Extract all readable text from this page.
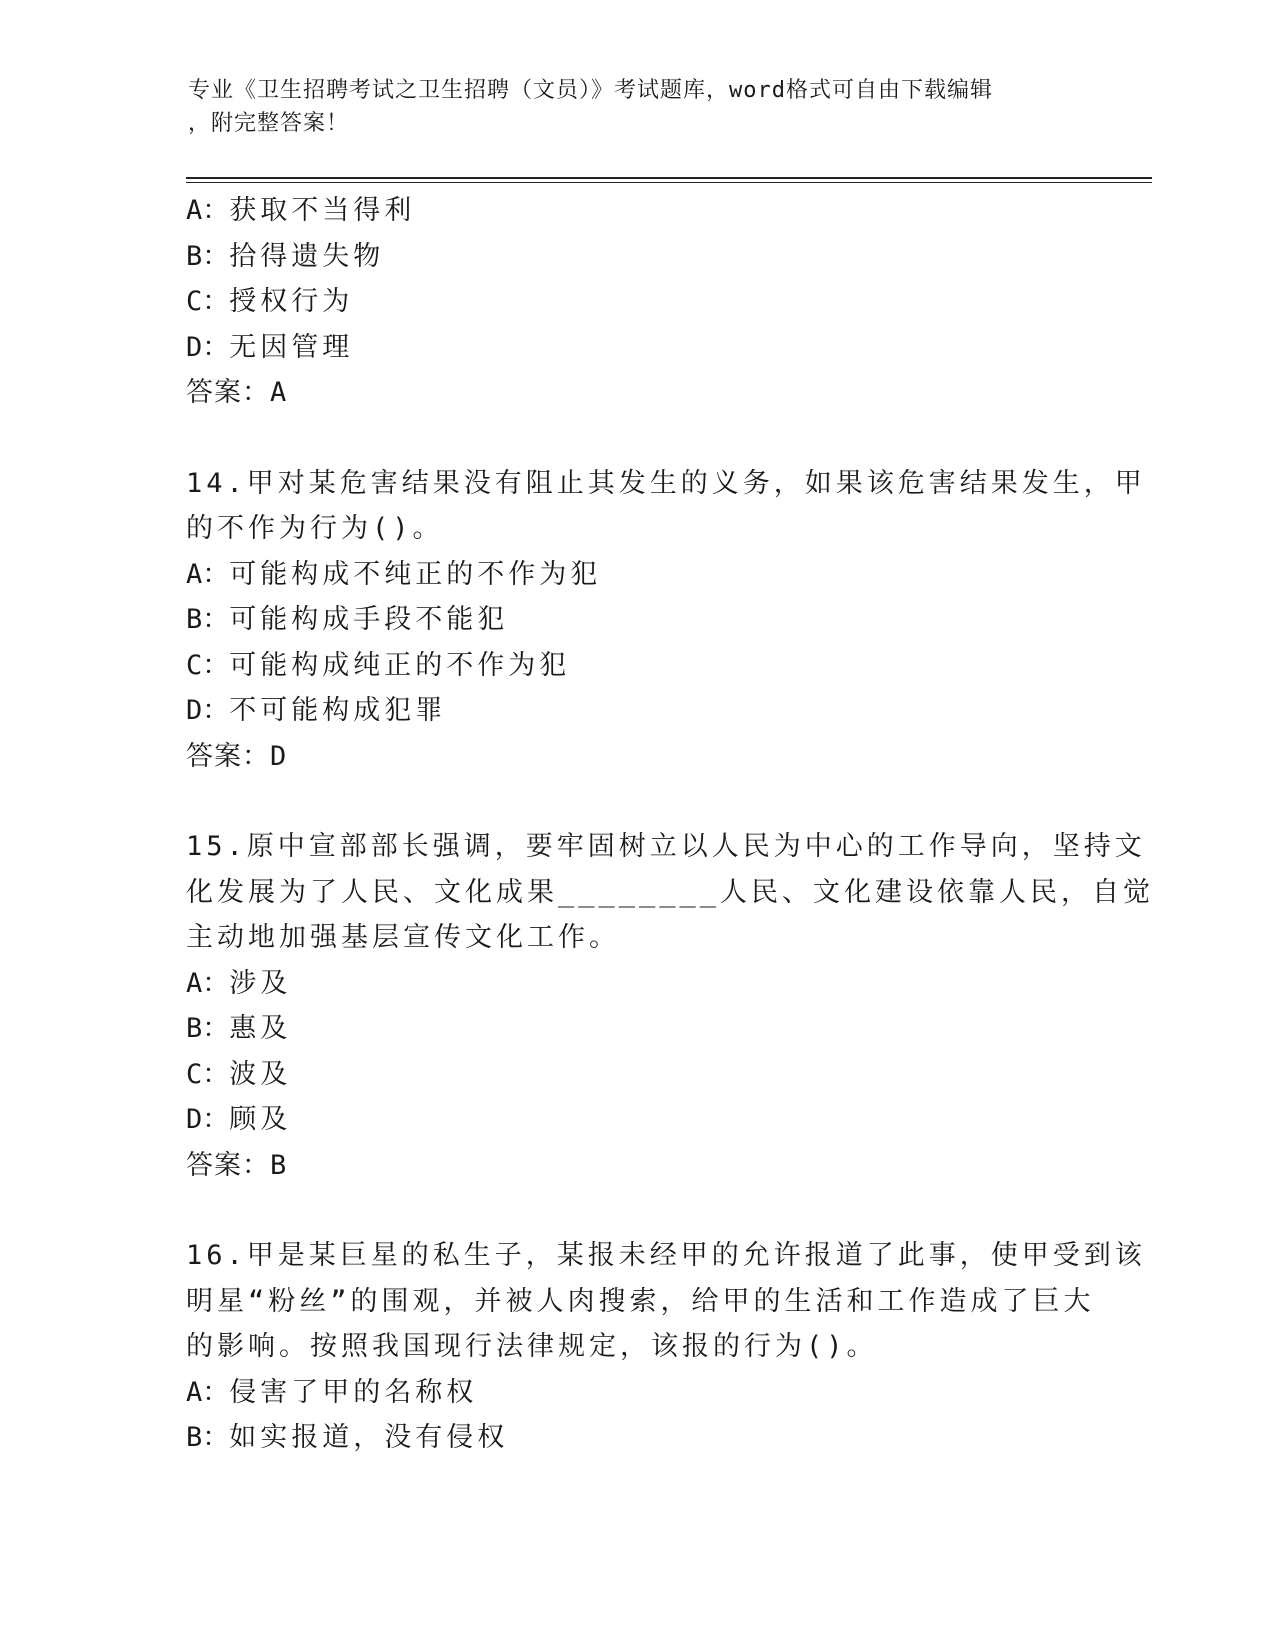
专业《卫生招聘考试之卫生招聘（文员）》考试题库，word格式可自由下载编辑
，附完整答案！
A：获取不当得利
B：拾得遗失物
C：授权行为
D：无因管理
答案：A
14.甲对某危害结果没有阻止其发生的义务，如果该危害结果发生，甲
的不作为行为()。
A：可能构成不纯正的不作为犯
B：可能构成手段不能犯
C：可能构成纯正的不作为犯
D：不可能构成犯罪
答案：D
15.原中宣部部长强调，要牢固树立以人民为中心的工作导向，坚持文
化发展为了人民、文化成果________人民、文化建设依靠人民，自觉
主动地加强基层宣传文化工作。
A：涉及
B：惠及
C：波及
D：顾及
答案：B
16.甲是某巨星的私生子，某报未经甲的允许报道了此事，使甲受到该
明星“粉丝”的围观，并被人肉搜索，给甲的生活和工作造成了巨大
的影响。按照我国现行法律规定，该报的行为()。
A：侵害了甲的名称权
B：如实报道，没有侵权
